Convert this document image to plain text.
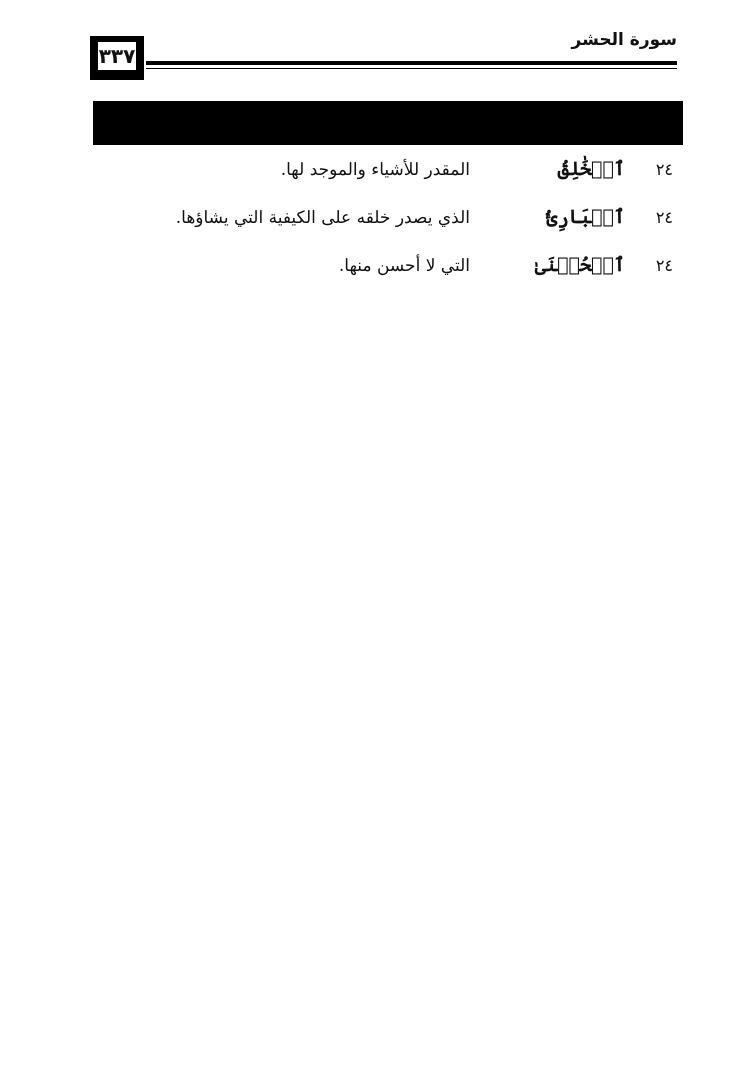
٣٣٧
سورة الحشر
٢٤
ٱلۡخَٰلِقُ
المقدر للأشياء والموجد لها.
٢٤
ٱلۡبَارِئُ
الذي يصدر خلقه على الكيفية التي يشاؤها.
٢٤
ٱلۡحُسۡنَىٰ
التي لا أحسن منها.
